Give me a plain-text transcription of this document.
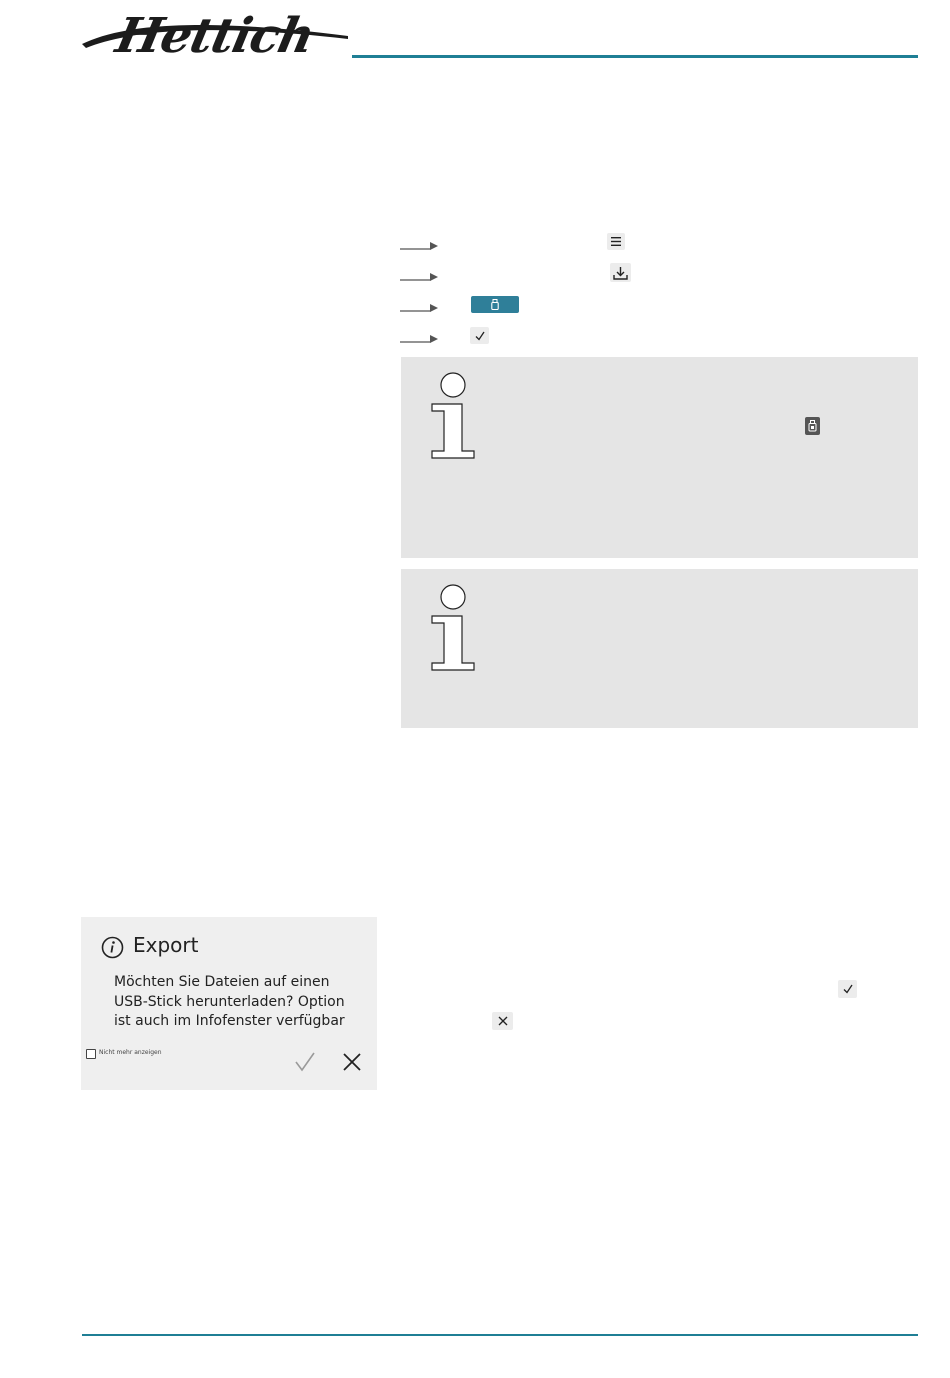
Hettich
Export
Möchten Sie Dateien auf einen
USB-Stick herunterladen? Option
ist auch im Infofenster verfügbar
Nicht mehr anzeigen
